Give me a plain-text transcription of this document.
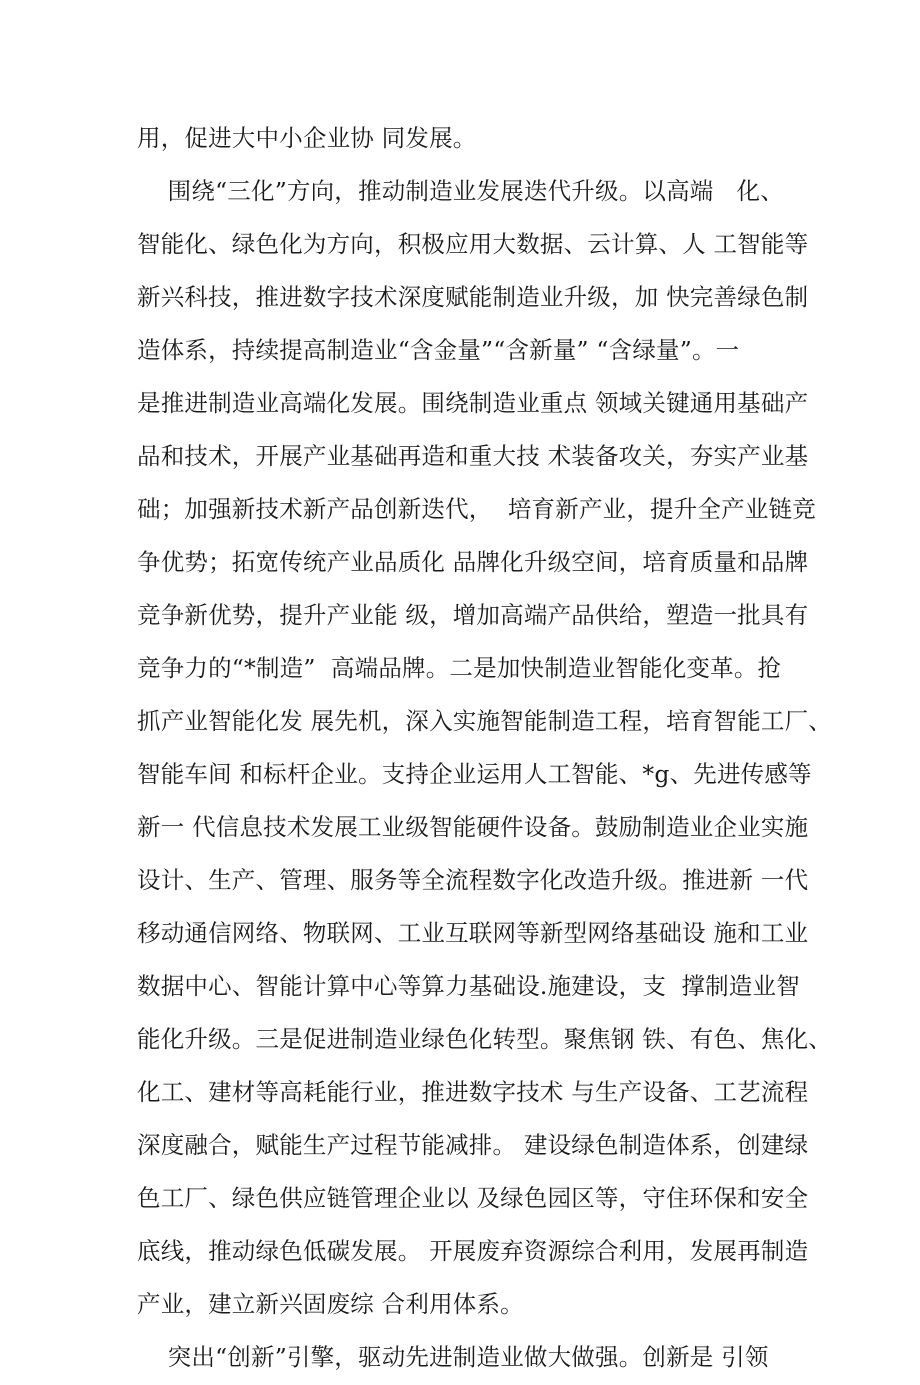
用，促进大中小企业协 同发展。
围绕“三化”方向，推动制造业发展迭代升级。以高端   化、
智能化、绿色化为方向，积极应用大数据、云计算、人 工智能等
新兴科技，推进数字技术深度赋能制造业升级，加 快完善绿色制
造体系，持续提高制造业“含金量”“含新量” “含绿量”。一
是推进制造业高端化发展。围绕制造业重点 领域关键通用基础产
品和技术，开展产业基础再造和重大技 术装备攻关，夯实产业基
础；加强新技术新产品创新迭代，  培育新产业，提升全产业链竞
争优势；拓宽传统产业品质化 品牌化升级空间，培育质量和品牌
竞争新优势，提升产业能 级，增加高端产品供给，塑造一批具有
竞争力的“*制造”  高端品牌。二是加快制造业智能化变革。抢
抓产业智能化发 展先机，深入实施智能制造工程，培育智能工厂、
智能车间 和标杆企业。支持企业运用人工智能、*g、先进传感等
新一 代信息技术发展工业级智能硬件设备。鼓励制造业企业实施
设计、生产、管理、服务等全流程数字化改造升级。推进新 一代
移动通信网络、物联网、工业互联网等新型网络基础设 施和工业
数据中心、智能计算中心等算力基础设.施建设，支  撑制造业智
能化升级。三是促进制造业绿色化转型。聚焦钢 铁、有色、焦化、
化工、建材等高耗能行业，推进数字技术 与生产设备、工艺流程
深度融合，赋能生产过程节能减排。 建设绿色制造体系，创建绿
色工厂、绿色供应链管理企业以 及绿色园区等，守住环保和安全
底线，推动绿色低碳发展。 开展废弃资源综合利用，发展再制造
产业，建立新兴固废综 合利用体系。
突出“创新”引擎，驱动先进制造业做大做强。创新是 引领
